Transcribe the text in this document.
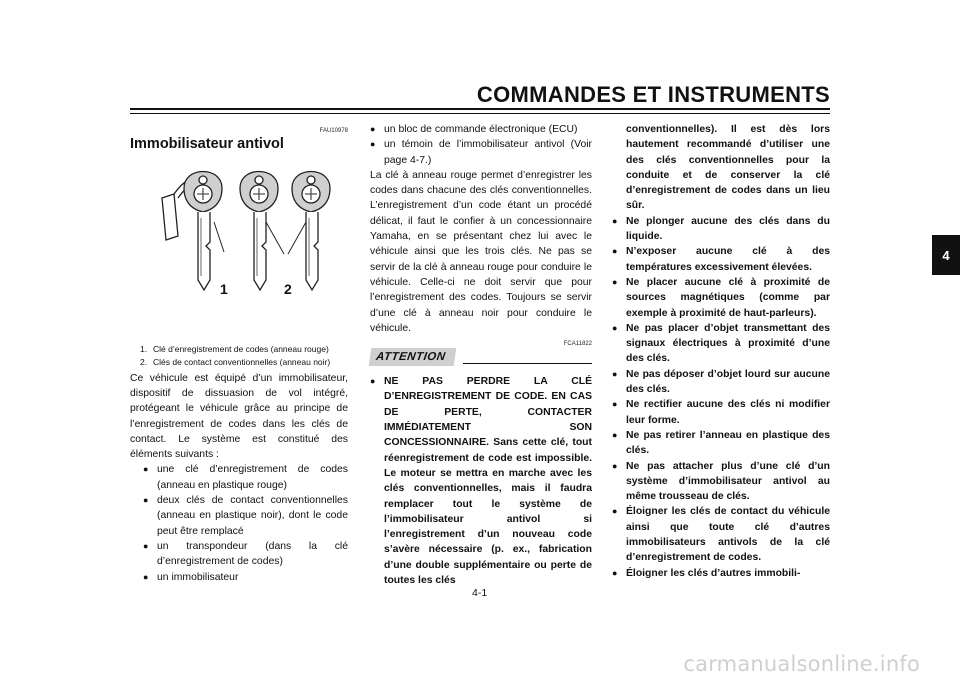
COMMANDES ET INSTRUMENTS
4
FAU10978
Immobilisateur antivol
1	2
1. Clé d’enregistrement de codes (anneau rouge)
2. Clés de contact conventionnelles (anneau noir)

Ce véhicule est équipé d’un immobilisateur, dispositif de dissuasion de vol intégré, protégeant le véhicule grâce au principe de l’enregistrement de codes dans les clés de contact. Le système est constitué des éléments suivants :

● une clé d’enregistrement de codes (anneau en plastique rouge)
● deux clés de contact conventionnelles (anneau en plastique noir), dont le code peut être remplacé
● un transpondeur (dans la clé d’enregistrement de codes)
● un immobilisateur
● un bloc de commande électronique (ECU)
● un témoin de l’immobilisateur antivol (Voir page 4-7.)

La clé à anneau rouge permet d’enregistrer les codes dans chacune des clés conventionnelles. L’enregistrement d’un code étant un procédé délicat, il faut le confier à un concessionnaire Yamaha, en se présentant chez lui avec le véhicule ainsi que les trois clés. Ne pas se servir de la clé à anneau rouge pour conduire le véhicule. Celle-ci ne doit servir que pour l’enregistrement des codes. Toujours se servir d’une clé à anneau noir pour conduire le véhicule.

FCA11822
ATTENTION
● NE PAS PERDRE LA CLÉ D’ENREGISTREMENT DE CODE. EN CAS DE PERTE, CONTACTER IMMÉDIATEMENT SON CONCESSIONNAIRE. Sans cette clé, tout réenregistrement de code est impossible. Le moteur se mettra en marche avec les clés conventionnelles, mais il faudra remplacer tout le système de l’immobilisateur antivol si l’enregistrement d’un nouveau code s’avère nécessaire (p. ex., fabrication d’une double supplémentaire ou perte de toutes les clés
conventionnelles). Il est dès lors hautement recommandé d’utiliser une des clés conventionnelles pour la conduite et de conserver la clé d’enregistrement de codes dans un lieu sûr.
● Ne plonger aucune des clés dans du liquide.
● N’exposer aucune clé à des températures excessivement élevées.
● Ne placer aucune clé à proximité de sources magnétiques (comme par exemple à proximité de haut-parleurs).
● Ne pas placer d’objet transmettant des signaux électriques à proximité d’une des clés.
● Ne pas déposer d’objet lourd sur aucune des clés.
● Ne rectifier aucune des clés ni modifier leur forme.
● Ne pas retirer l’anneau en plastique des clés.
● Ne pas attacher plus d’une clé d’un système d’immobilisateur antivol au même trousseau de clés.
● Éloigner les clés de contact du véhicule ainsi que toute clé d’autres immobilisateurs antivols de la clé d’enregistrement de codes.
● Éloigner les clés d’autres immobili-
4-1
carmanualsonline.info
